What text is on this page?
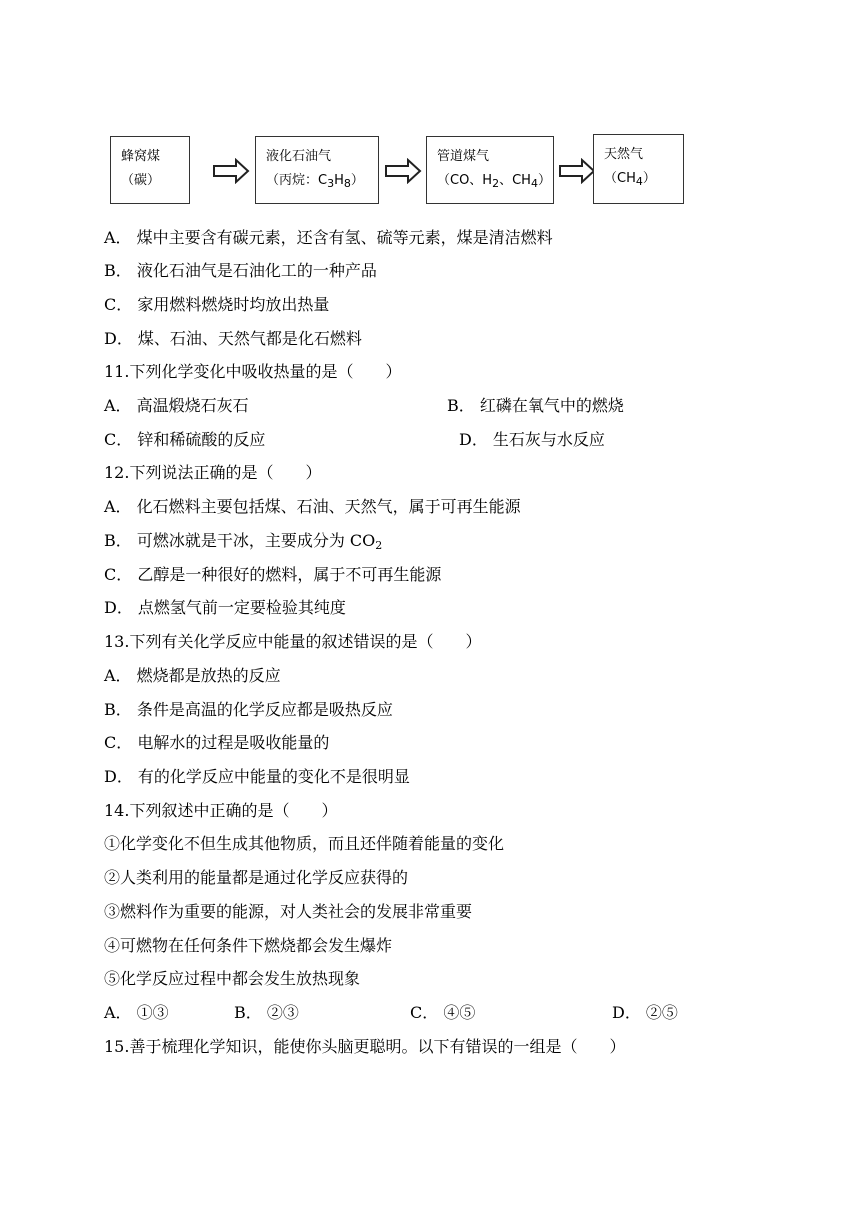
蜂窝煤
（碳）
液化石油气
（丙烷：$C_3H_8$）
管道煤气
（CO、$H_2$、$CH_4$）
天然气
$(CH_4)$
A． 煤中主要含有碳元素，还含有氢、硫等元素，煤是清洁燃料
B． 液化石油气是石油化工的一种产品
C． 家用燃料燃烧时均放出热量
D． 煤、石油、天然气都是化石燃料
11.下列化学变化中吸收热量的是（　　）
A． 高温煅烧石灰石	B． 红磷在氧气中的燃烧
C． 锌和稀硫酸的反应	D． 生石灰与水反应
12.下列说法正确的是（　　）
A． 化石燃料主要包括煤、石油、天然气，属于可再生能源
B． 可燃冰就是干冰，主要成分为 $CO_2$
C． 乙醇是一种很好的燃料，属于不可再生能源
D． 点燃氢气前一定要检验其纯度
13.下列有关化学反应中能量的叙述错误的是（　　）
A． 燃烧都是放热的反应
B． 条件是高温的化学反应都是吸热反应
C． 电解水的过程是吸收能量的
D． 有的化学反应中能量的变化不是很明显
14.下列叙述中正确的是（　　）
①化学变化不但生成其他物质，而且还伴随着能量的变化
②人类利用的能量都是通过化学反应获得的
③燃料作为重要的能源，对人类社会的发展非常重要
④可燃物在任何条件下燃烧都会发生爆炸
⑤化学反应过程中都会发生放热现象
A． ①③	B． ②③	C． ④⑤	D． ②⑤
15.善于梳理化学知识，能使你头脑更聪明。以下有错误的一组是（　　）
